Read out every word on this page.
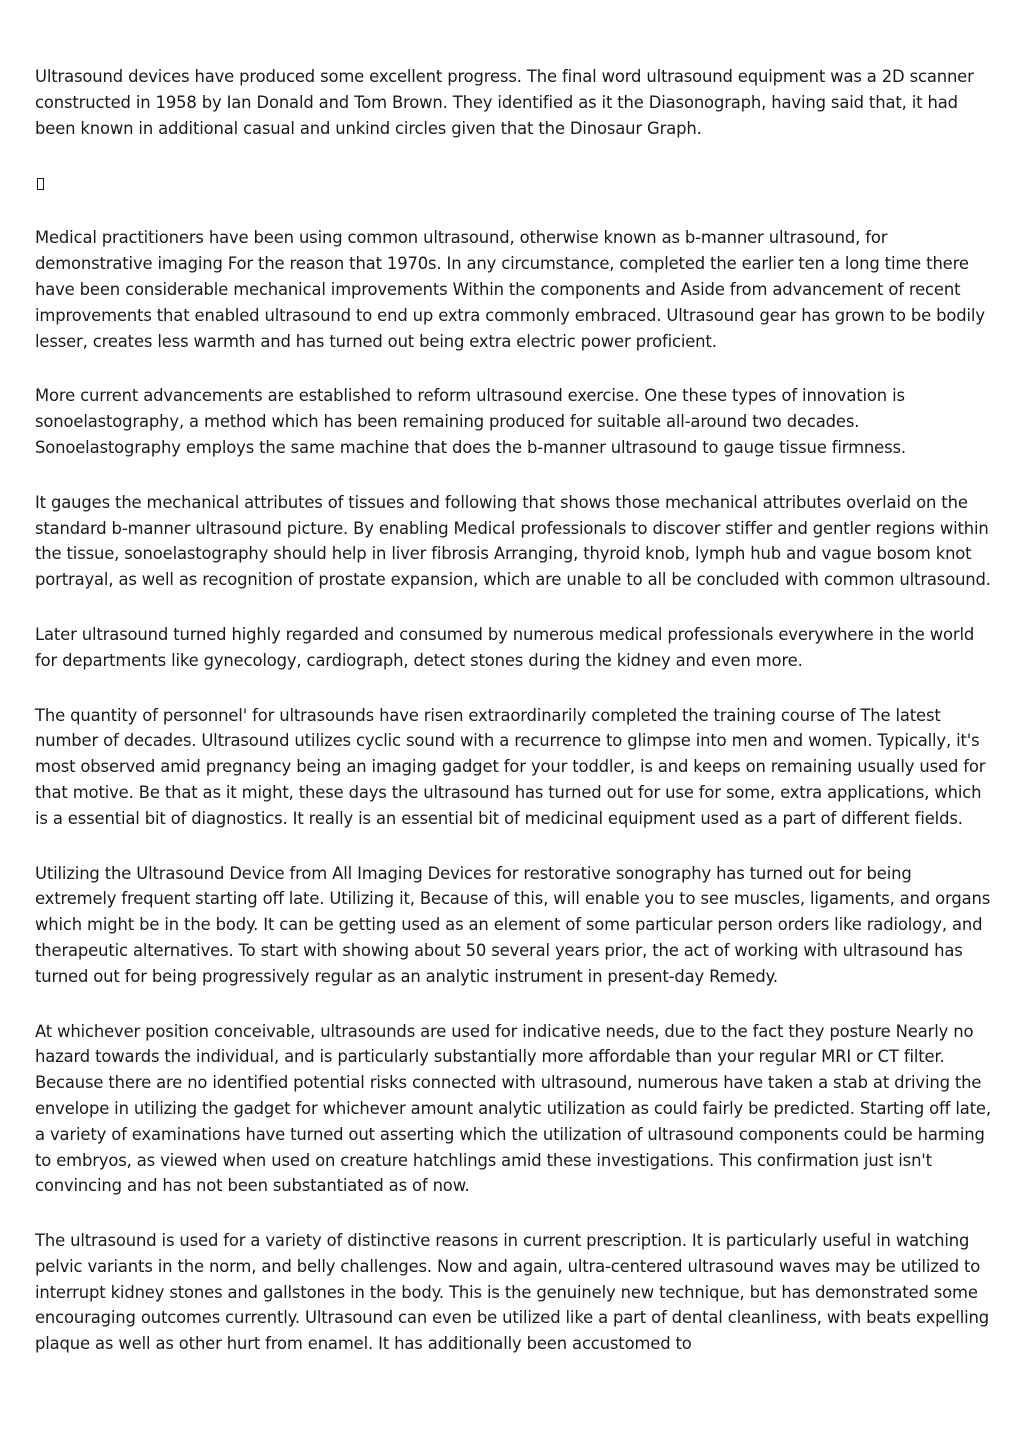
Ultrasound devices have produced some excellent progress. The final word ultrasound equipment was a 2D scanner constructed in 1958 by Ian Donald and Tom Brown. They identified as it the Diasonograph, having said that, it had been known in additional casual and unkind circles given that the Dinosaur Graph.

Medical practitioners have been using common ultrasound, otherwise known as b-manner ultrasound, for demonstrative imaging For the reason that 1970s. In any circumstance, completed the earlier ten a long time there have been considerable mechanical improvements Within the components and Aside from advancement of recent improvements that enabled ultrasound to end up extra commonly embraced. Ultrasound gear has grown to be bodily lesser, creates less warmth and has turned out being extra electric power proficient.

More current advancements are established to reform ultrasound exercise. One these types of innovation is sonoelastography, a method which has been remaining produced for suitable all-around two decades. Sonoelastography employs the same machine that does the b-manner ultrasound to gauge tissue firmness.

It gauges the mechanical attributes of tissues and following that shows those mechanical attributes overlaid on the standard b-manner ultrasound picture. By enabling Medical professionals to discover stiffer and gentler regions within the tissue, sonoelastography should help in liver fibrosis Arranging, thyroid knob, lymph hub and vague bosom knot portrayal, as well as recognition of prostate expansion, which are unable to all be concluded with common ultrasound.

Later ultrasound turned highly regarded and consumed by numerous medical professionals everywhere in the world for departments like gynecology, cardiograph, detect stones during the kidney and even more.

The quantity of personnel' for ultrasounds have risen extraordinarily completed the training course of The latest number of decades. Ultrasound utilizes cyclic sound with a recurrence to glimpse into men and women. Typically, it's most observed amid pregnancy being an imaging gadget for your toddler, is and keeps on remaining usually used for that motive. Be that as it might, these days the ultrasound has turned out for use for some, extra applications, which is a essential bit of diagnostics. It really is an essential bit of medicinal equipment used as a part of different fields.

Utilizing the Ultrasound Device from All Imaging Devices for restorative sonography has turned out for being extremely frequent starting off late. Utilizing it, Because of this, will enable you to see muscles, ligaments, and organs which might be in the body. It can be getting used as an element of some particular person orders like radiology, and therapeutic alternatives. To start with showing about 50 several years prior, the act of working with ultrasound has turned out for being progressively regular as an analytic instrument in present-day Remedy.

At whichever position conceivable, ultrasounds are used for indicative needs, due to the fact they posture Nearly no hazard towards the individual, and is particularly substantially more affordable than your regular MRI or CT filter. Because there are no identified potential risks connected with ultrasound, numerous have taken a stab at driving the envelope in utilizing the gadget for whichever amount analytic utilization as could fairly be predicted. Starting off late, a variety of examinations have turned out asserting which the utilization of ultrasound components could be harming to embryos, as viewed when used on creature hatchlings amid these investigations. This confirmation just isn't convincing and has not been substantiated as of now.

The ultrasound is used for a variety of distinctive reasons in current prescription. It is particularly useful in watching pelvic variants in the norm, and belly challenges. Now and again, ultra-centered ultrasound waves may be utilized to interrupt kidney stones and gallstones in the body. This is the genuinely new technique, but has demonstrated some encouraging outcomes currently. Ultrasound can even be utilized like a part of dental cleanliness, with beats expelling plaque as well as other hurt from enamel. It has additionally been accustomed to
